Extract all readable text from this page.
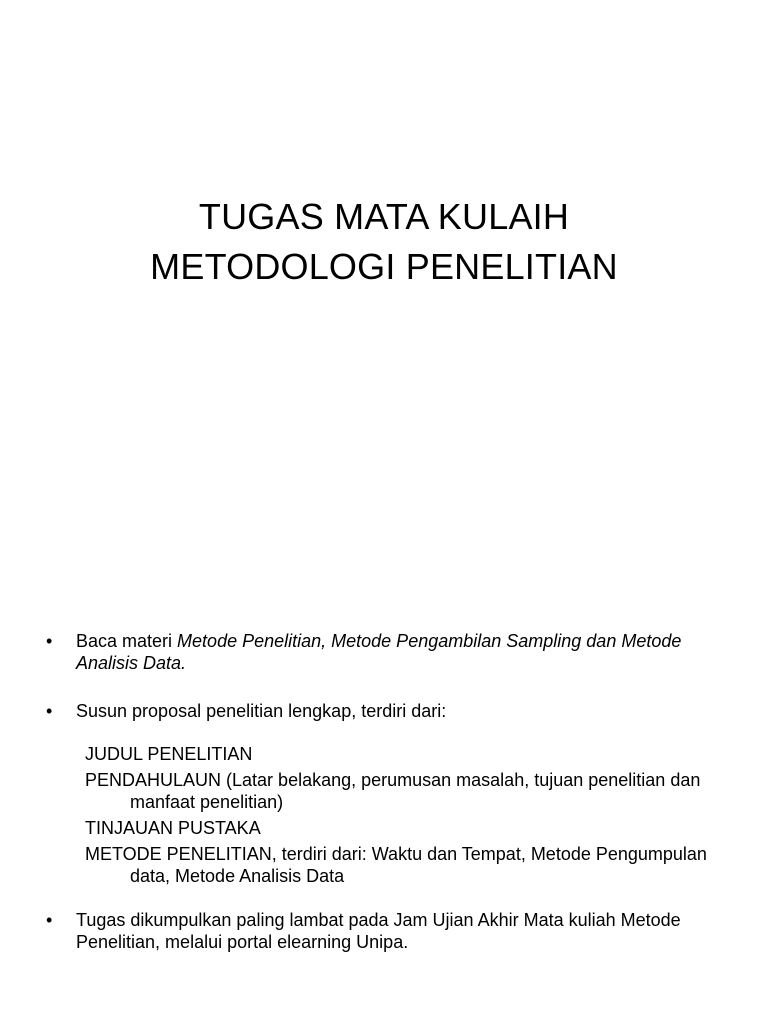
TUGAS MATA KULAIH
METODOLOGI PENELITIAN
• Baca materi Metode Penelitian, Metode Pengambilan Sampling dan Metode Analisis Data.
• Susun proposal penelitian lengkap, terdiri dari:
JUDUL PENELITIAN
PENDAHULAUN (Latar belakang, perumusan masalah, tujuan penelitian dan manfaat penelitian)
TINJAUAN PUSTAKA
METODE PENELITIAN, terdiri dari: Waktu dan Tempat, Metode Pengumpulan data, Metode Analisis Data
• Tugas dikumpulkan paling lambat pada Jam Ujian Akhir Mata kuliah Metode Penelitian, melalui portal elearning Unipa.
